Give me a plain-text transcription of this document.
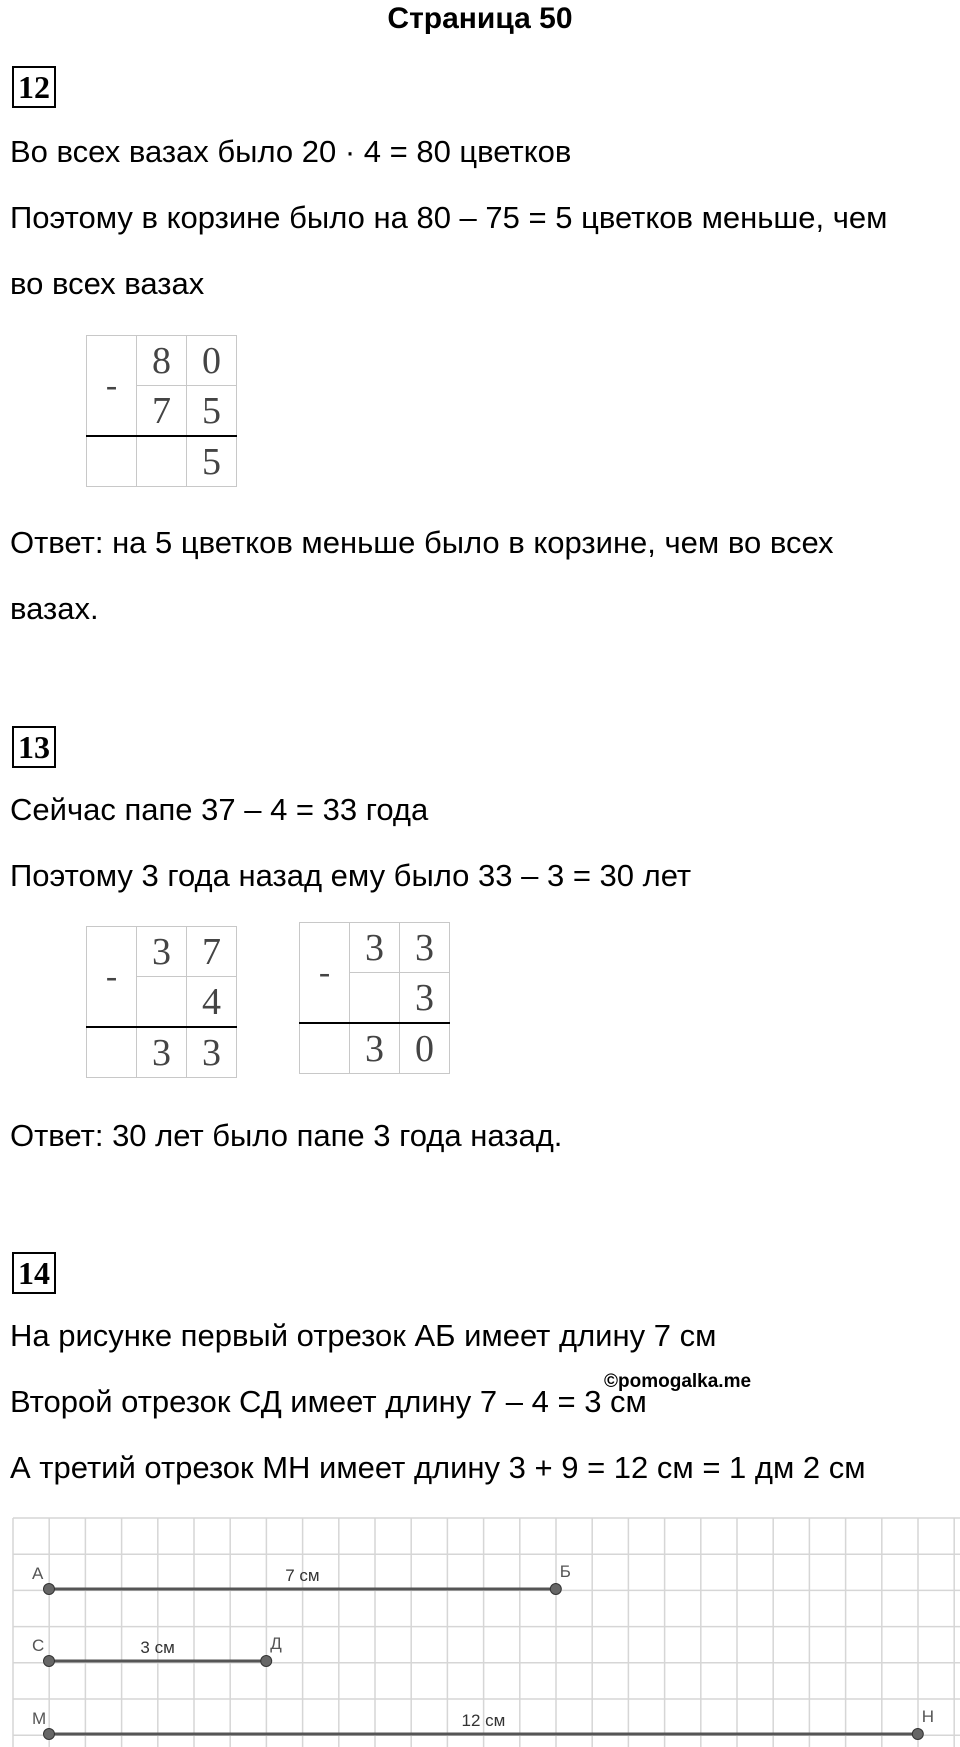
Страница 50
12
Во всех вазах было 20 · 4 = 80 цветков
Поэтому в корзине было на 80 – 75 = 5 цветков меньше, чем
во всех вазах
-	8	0
	7	5
		5
Ответ: на 5 цветков меньше было в корзине, чем во всех
вазах.
13
Сейчас папе 37 – 4 = 33 года
Поэтому 3 года назад ему было 33 – 3 = 30 лет
-	3	7
		4
	3	3
-	3	3
		3
	3	0
Ответ: 30 лет было папе 3 года назад.
14
На рисунке первый отрезок АБ имеет длину 7 см
Второй отрезок СД имеет длину 7 – 4 = 3 см
©pomogalka.me
А третий отрезок МН имеет длину 3 + 9 = 12 см = 1 дм 2 см
А	Б
7 см
С	Д
3 см
М	Н
12 см
